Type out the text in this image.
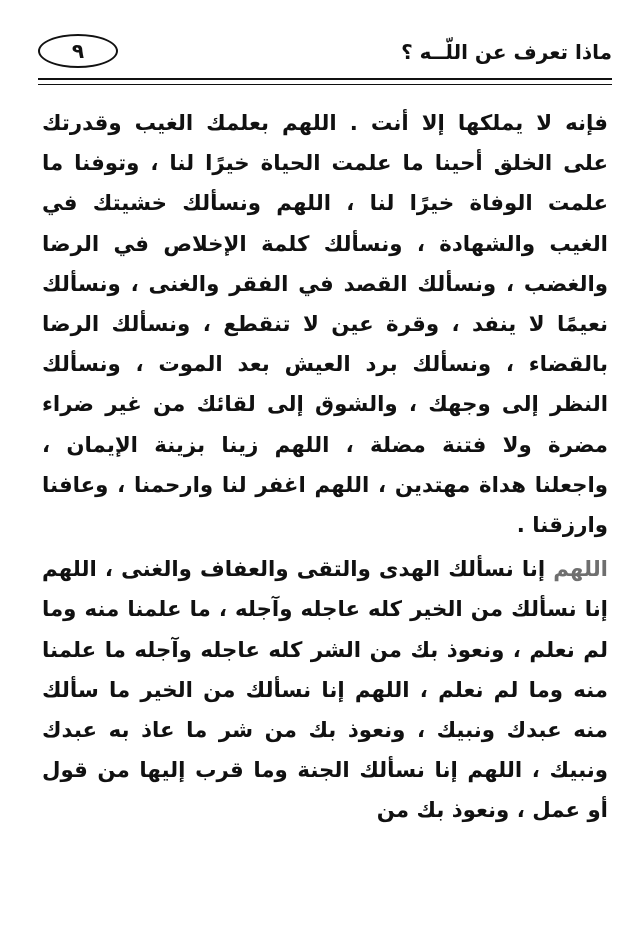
ماذا تعرف عن اللّــه ؟
٩

فإنه لا يملكها إلا أنت . اللهم بعلمك الغيب وقدرتك على الخلق أحينا ما علمت الحياة خيرًا لنا ، وتوفنا ما علمت الوفاة خيرًا لنا ، اللهم ونسألك خشيتك في الغيب والشهادة ، ونسألك كلمة الإخلاص في الرضا والغضب ، ونسألك القصد في الفقر والغنى ، ونسألك نعيمًا لا ينفد ، وقرة عين لا تنقطع ، ونسألك الرضا بالقضاء ، ونسألك برد العيش بعد الموت ، ونسألك النظر إلى وجهك ، والشوق إلى لقائك من غير ضراء مضرة ولا فتنة مضلة ، اللهم زينا بزينة الإيمان ، واجعلنا هداة مهتدين ، اللهم اغفر لنا وارحمنا ، وعافنا وارزقنا .

اللهم إنا نسألك الهدى والتقى والعفاف والغنى ، اللهم إنا نسألك من الخير كله عاجله وآجله ، ما علمنا منه وما لم نعلم ، ونعوذ بك من الشر كله عاجله وآجله ما علمنا منه وما لم نعلم ، اللهم إنا نسألك من الخير ما سألك منه عبدك ونبيك ، ونعوذ بك من شر ما عاذ به عبدك ونبيك ، اللهم إنا نسألك الجنة وما قرب إليها من قول أو عمل ، ونعوذ بك من
